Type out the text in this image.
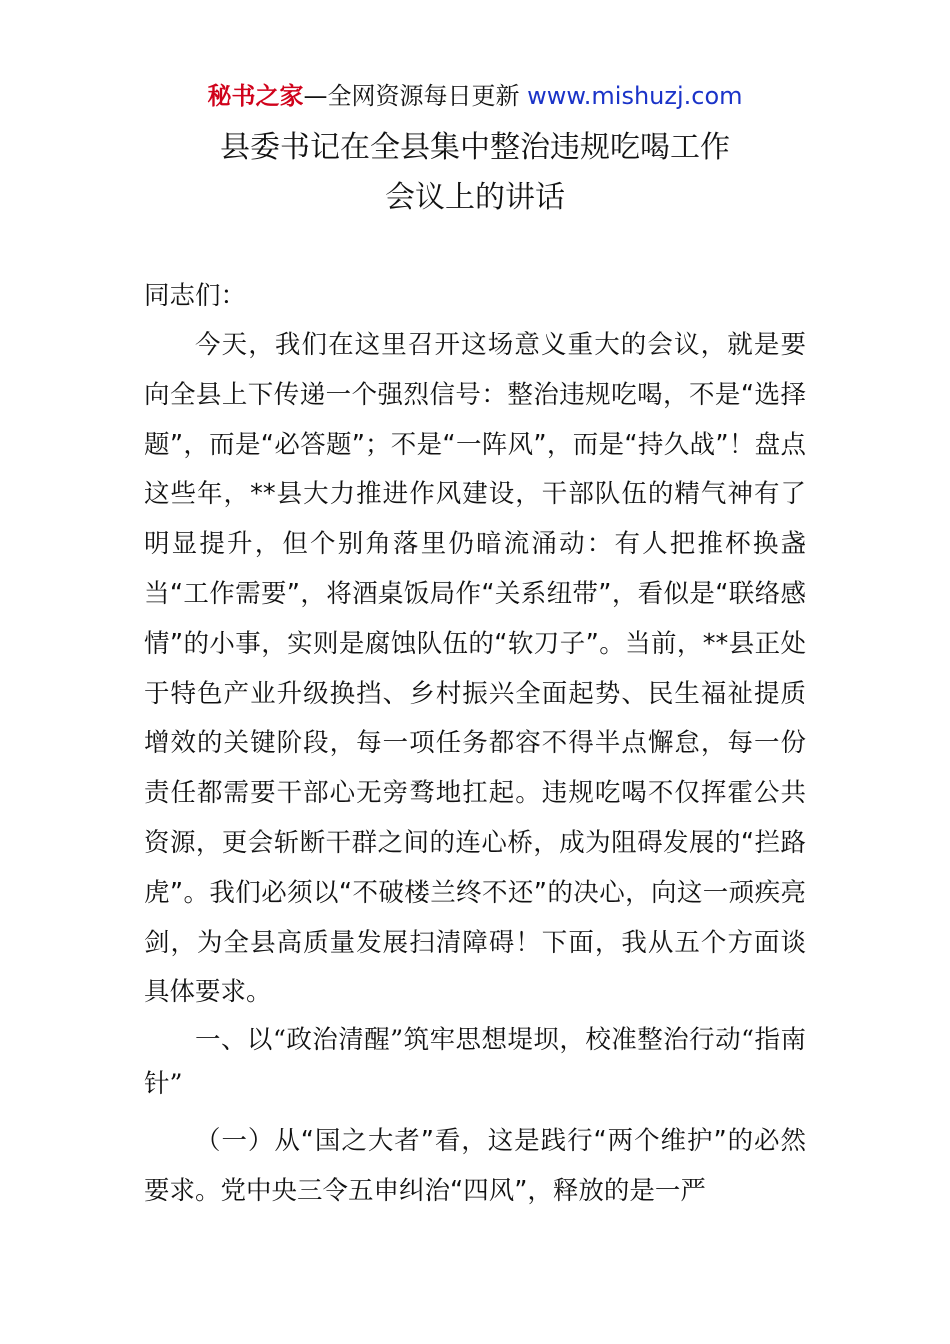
秘书之家—全网资源每日更新 www.mishuzj.com
县委书记在全县集中整治违规吃喝工作
会议上的讲话
同志们：
今天，我们在这里召开这场意义重大的会议，就是要向全县上下传递一个强烈信号：整治违规吃喝，不是“选择题”，而是“必答题”；不是“一阵风”，而是“持久战”！盘点这些年，**县大力推进作风建设，干部队伍的精气神有了明显提升，但个别角落里仍暗流涌动：有人把推杯换盏当“工作需要”，将酒桌饭局作“关系纽带”，看似是“联络感情”的小事，实则是腐蚀队伍的“软刀子”。当前，**县正处于特色产业升级换挡、乡村振兴全面起势、民生福祉提质增效的关键阶段，每一项任务都容不得半点懈怠，每一份责任都需要干部心无旁骛地扛起。违规吃喝不仅挥霍公共资源，更会斩断干群之间的连心桥，成为阻碍发展的“拦路虎”。我们必须以“不破楼兰终不还”的决心，向这一顽疾亮剑，为全县高质量发展扫清障碍！下面，我从五个方面谈具体要求。
一、以“政治清醒”筑牢思想堤坝，校准整治行动“指南针”
（一）从“国之大者”看，这是践行“两个维护”的必然要求。党中央三令五申纠治“四风”，释放的是一严
